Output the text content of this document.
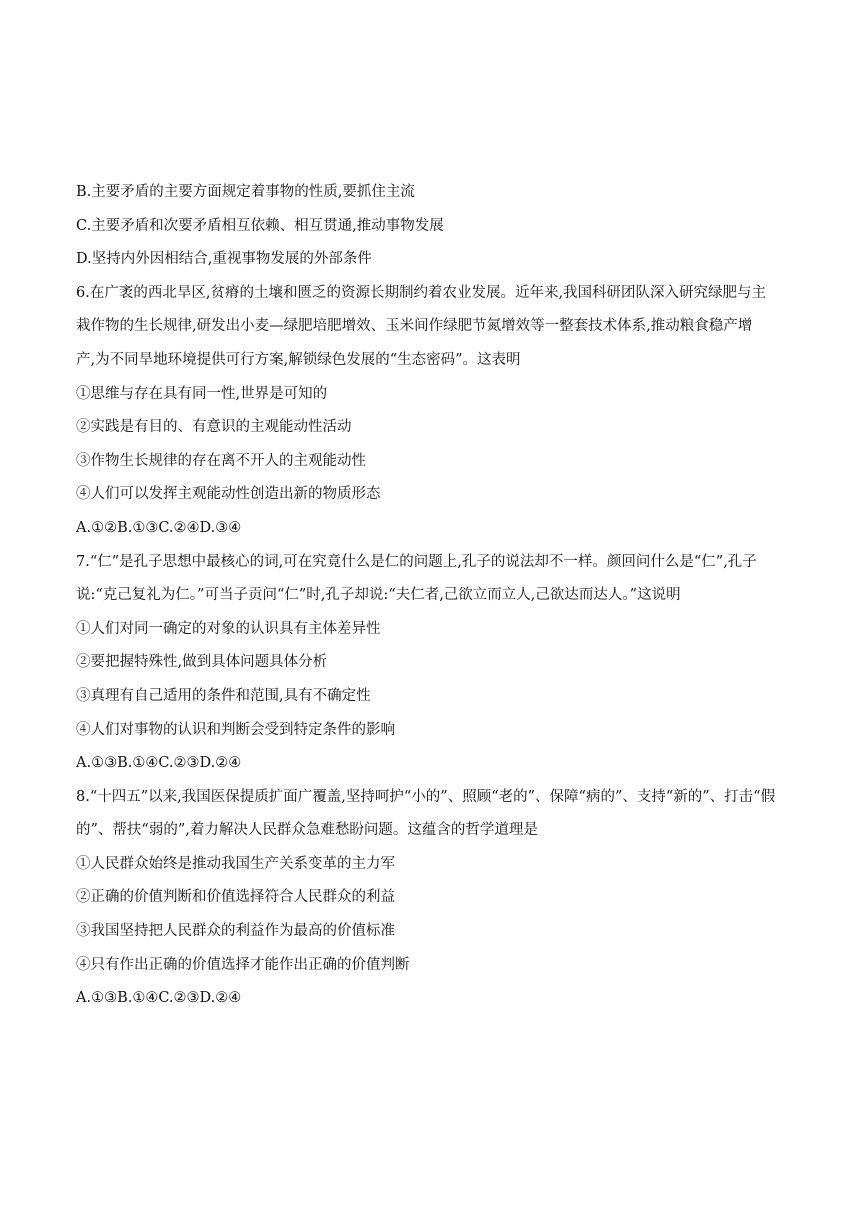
B.主要矛盾的主要方面规定着事物的性质,要抓住主流
C.主要矛盾和次要矛盾相互依赖、相互贯通,推动事物发展
D.坚持内外因相结合,重视事物发展的外部条件
6.在广袤的西北旱区,贫瘠的土壤和匮乏的资源长期制约着农业发展。近年来,我国科研团队深入研究绿肥与主
栽作物的生长规律,研发出小麦—绿肥培肥增效、玉米间作绿肥节氮增效等一整套技术体系,推动粮食稳产增
产,为不同旱地环境提供可行方案,解锁绿色发展的“生态密码”。这表明
①思维与存在具有同一性,世界是可知的
②实践是有目的、有意识的主观能动性活动
③作物生长规律的存在离不开人的主观能动性
④人们可以发挥主观能动性创造出新的物质形态
A.①②B.①③C.②④D.③④
7.“仁”是孔子思想中最核心的词,可在究竟什么是仁的问题上,孔子的说法却不一样。颜回问什么是“仁”,孔子
说:“克己复礼为仁。”可当子贡问“仁”时,孔子却说:“夫仁者,己欲立而立人,己欲达而达人。”这说明
①人们对同一确定的对象的认识具有主体差异性
②要把握特殊性,做到具体问题具体分析
③真理有自己适用的条件和范围,具有不确定性
④人们对事物的认识和判断会受到特定条件的影响
A.①③B.①④C.②③D.②④
8.“十四五”以来,我国医保提质扩面广覆盖,坚持呵护“小的”、照顾“老的”、保障“病的”、支持“新的”、打击“假
的”、帮扶“弱的”,着力解决人民群众急难愁盼问题。这蕴含的哲学道理是
①人民群众始终是推动我国生产关系变革的主力军
②正确的价值判断和价值选择符合人民群众的利益
③我国坚持把人民群众的利益作为最高的价值标准
④只有作出正确的价值选择才能作出正确的价值判断
A.①③B.①④C.②③D.②④
